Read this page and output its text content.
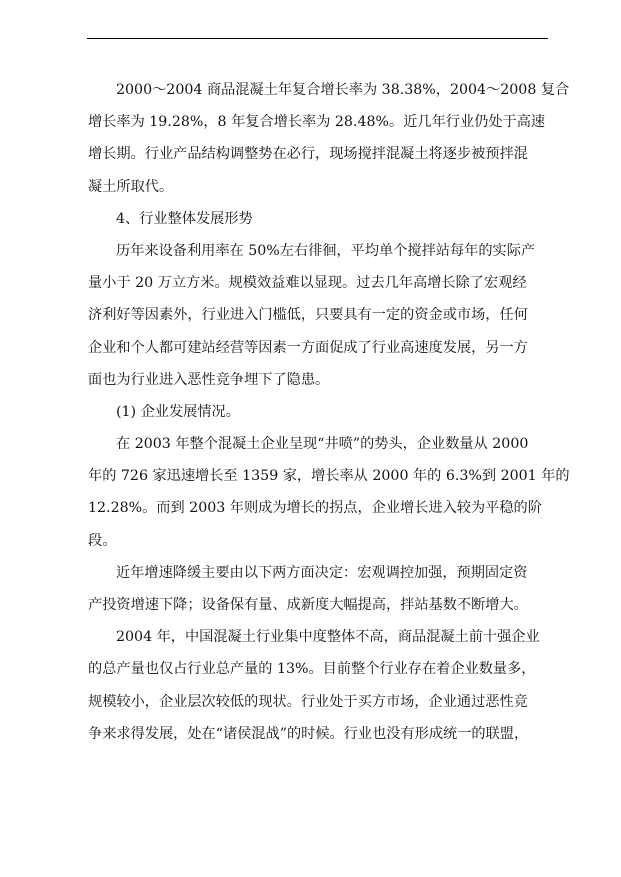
2000～2004 商品混凝土年复合增长率为 38.38%，2004～2008 复合
增长率为 19.28%，8 年复合增长率为 28.48%。近几年行业仍处于高速
增长期。行业产品结构调整势在必行，现场搅拌混凝土将逐步被预拌混
凝土所取代。
4、行业整体发展形势
历年来设备利用率在 50%左右徘徊，平均单个搅拌站每年的实际产
量小于 20 万立方米。规模效益难以显现。过去几年高增长除了宏观经
济利好等因素外，行业进入门槛低，只要具有一定的资金或市场，任何
企业和个人都可建站经营等因素一方面促成了行业高速度发展，另一方
面也为行业进入恶性竞争埋下了隐患。
(1) 企业发展情况。
在 2003 年整个混凝土企业呈现“井喷”的势头，企业数量从 2000
年的 726 家迅速增长至 1359 家，增长率从 2000 年的 6.3%到 2001 年的
12.28%。而到 2003 年则成为增长的拐点，企业增长进入较为平稳的阶
段。
近年增速降缓主要由以下两方面决定：宏观调控加强，预期固定资
产投资增速下降；设备保有量、成新度大幅提高，拌站基数不断增大。
2004 年，中国混凝土行业集中度整体不高，商品混凝土前十强企业
的总产量也仅占行业总产量的 13%。目前整个行业存在着企业数量多，
规模较小，企业层次较低的现状。行业处于买方市场，企业通过恶性竞
争来求得发展，处在“诸侯混战”的时候。行业也没有形成统一的联盟，
